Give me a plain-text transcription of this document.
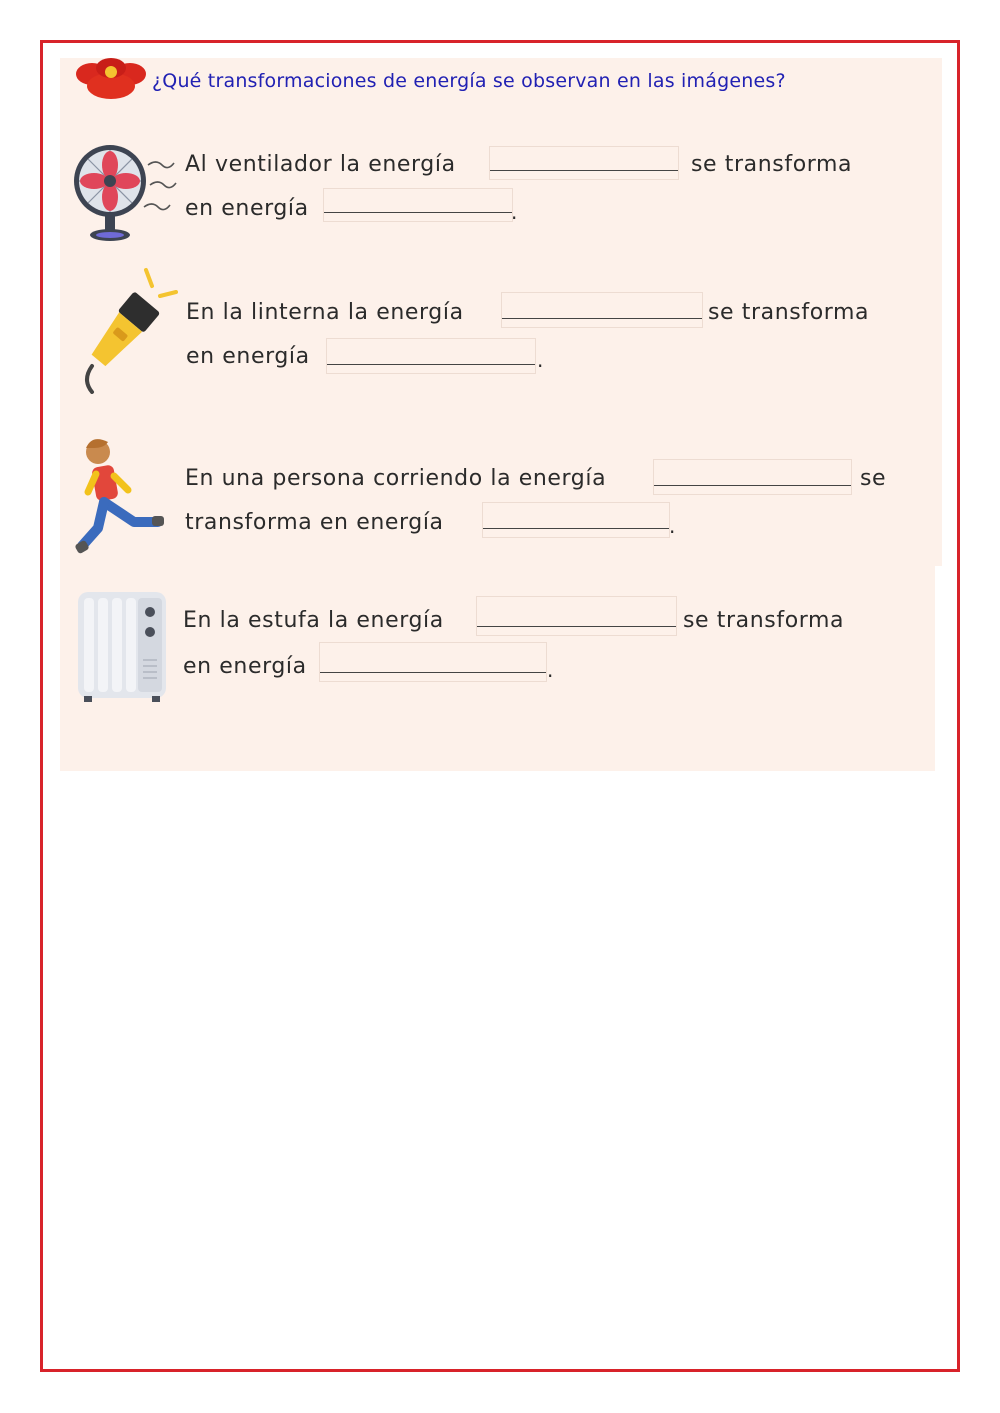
¿Qué transformaciones de energía se observan en las imágenes?
Al ventilador la energía	se transforma
en energía	.
En la linterna la energía	se transforma
en energía	.
En una persona corriendo la energía	se
transforma en energía	.
En la estufa la energía	se transforma
en energía	.
